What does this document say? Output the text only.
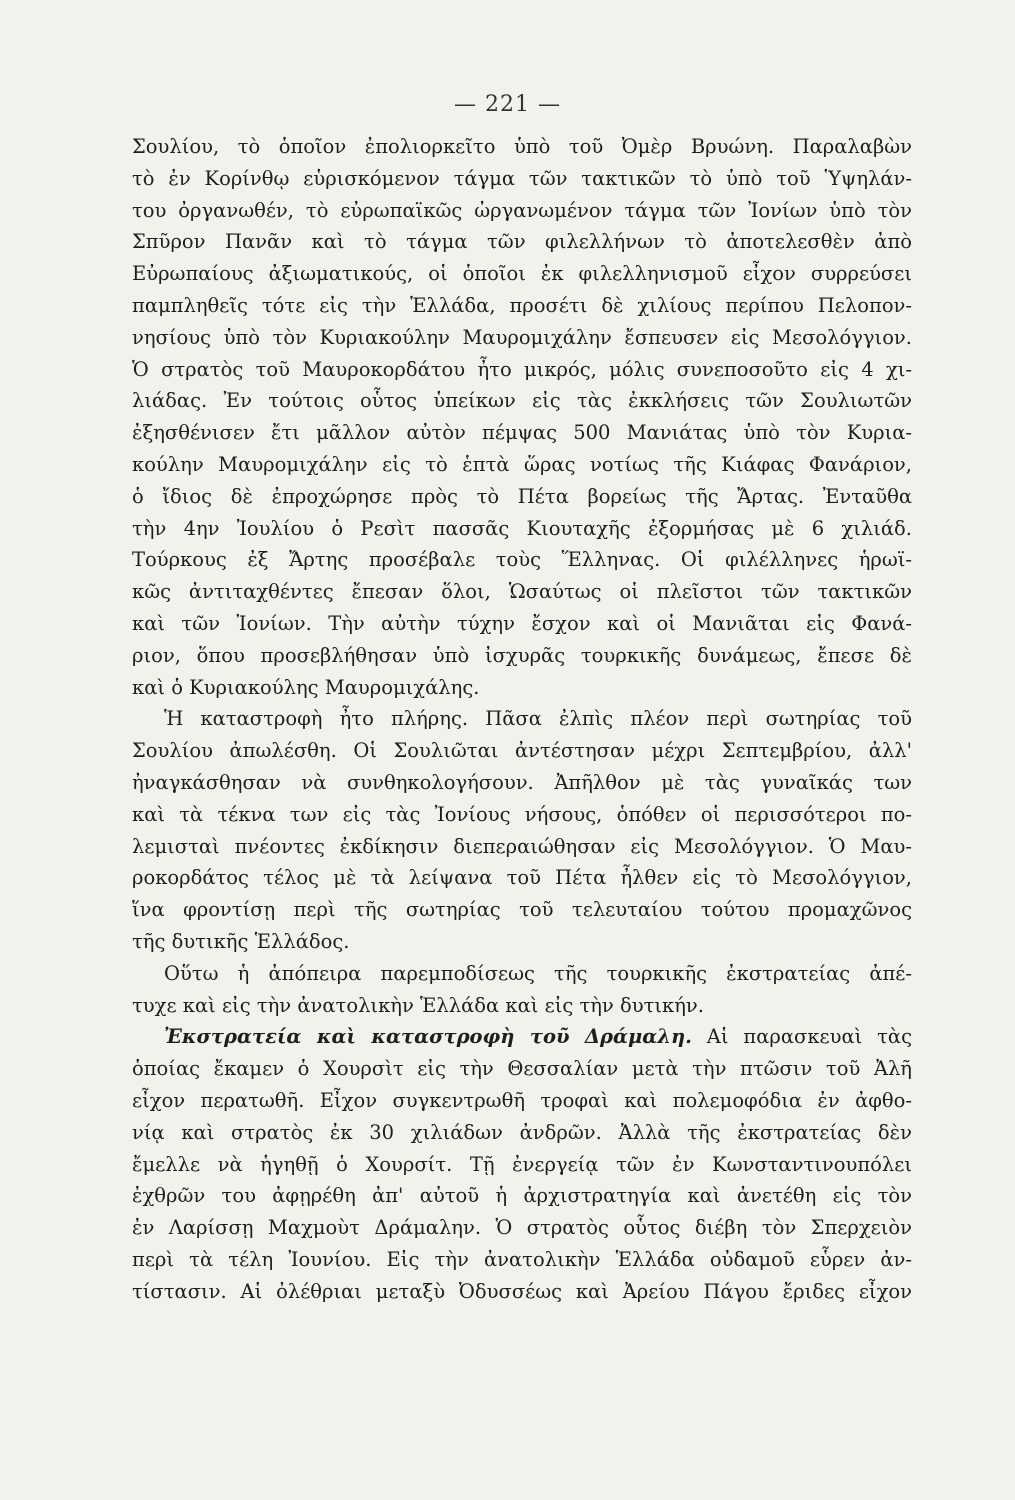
— 221 —
Σουλίου, τὸ ὁποῖον ἐπολιορκεῖτο ὑπὸ τοῦ Ὀμὲρ Βρυώνη. Παραλαβὼν
τὸ ἐν Κορίνθῳ εὑρισκόμενον τάγμα τῶν τακτικῶν τὸ ὑπὸ τοῦ Ὑψηλάν-
του ὀργανωθέν, τὸ εὐρωπαϊκῶς ὠργανωμένον τάγμα τῶν Ἰονίων ὑπὸ τὸν
Σπῦρον Πανᾶν καὶ τὸ τάγμα τῶν φιλελλήνων τὸ ἀποτελεσθὲν ἀπὸ
Εὐρωπαίους ἀξιωματικούς, οἱ ὁποῖοι ἐκ φιλελληνισμοῦ εἶχον συρρεύσει
παμπληθεῖς τότε εἰς τὴν Ἑλλάδα, προσέτι δὲ χιλίους περίπου Πελοπον-
νησίους ὑπὸ τὸν Κυριακούλην Μαυρομιχάλην ἔσπευσεν εἰς Μεσολόγγιον.
Ὁ στρατὸς τοῦ Μαυροκορδάτου ἦτο μικρός, μόλις συνεποσοῦτο εἰς 4 χι-
λιάδας. Ἐν τούτοις οὗτος ὑπείκων εἰς τὰς ἐκκλήσεις τῶν Σουλιωτῶν
ἐξησθένισεν ἔτι μᾶλλον αὐτὸν πέμψας 500 Μανιάτας ὑπὸ τὸν Κυρια-
κούλην Μαυρομιχάλην εἰς τὸ ἑπτὰ ὥρας νοτίως τῆς Κιάφας Φανάριον,
ὁ ἴδιος δὲ ἐπροχώρησε πρὸς τὸ Πέτα βορείως τῆς Ἄρτας. Ἐνταῦθα
τὴν 4ην Ἰουλίου ὁ Ρεσὶτ πασσᾶς Κιουταχῆς ἐξορμήσας μὲ 6 χιλιάδ.
Τούρκους ἐξ Ἄρτης προσέβαλε τοὺς Ἕλληνας. Οἱ φιλέλληνες ἡρωϊ-
κῶς ἀντιταχθέντες ἔπεσαν ὅλοι, Ὡσαύτως οἱ πλεῖστοι τῶν τακτικῶν
καὶ τῶν Ἰονίων. Τὴν αὐτὴν τύχην ἔσχον καὶ οἱ Μανιᾶται εἰς Φανά-
ριον, ὅπου προσεβλήθησαν ὑπὸ ἰσχυρᾶς τουρκικῆς δυνάμεως, ἔπεσε δὲ
καὶ ὁ Κυριακούλης Μαυρομιχάλης.
Ἡ καταστροφὴ ἦτο πλήρης. Πᾶσα ἐλπὶς πλέον περὶ σωτηρίας τοῦ
Σουλίου ἀπωλέσθη. Οἱ Σουλιῶται ἀντέστησαν μέχρι Σεπτεμβρίου, ἀλλ'
ἠναγκάσθησαν νὰ συνθηκολογήσουν. Ἀπῆλθον μὲ τὰς γυναῖκάς των
καὶ τὰ τέκνα των εἰς τὰς Ἰονίους νήσους, ὁπόθεν οἱ περισσότεροι πο-
λεμισταὶ πνέοντες ἐκδίκησιν διεπεραιώθησαν εἰς Μεσολόγγιον. Ὁ Μαυ-
ροκορδάτος τέλος μὲ τὰ λείψανα τοῦ Πέτα ἦλθεν εἰς τὸ Μεσολόγγιον,
ἵνα φροντίσῃ περὶ τῆς σωτηρίας τοῦ τελευταίου τούτου προμαχῶνος
τῆς δυτικῆς Ἑλλάδος.
Οὕτω ἡ ἀπόπειρα παρεμποδίσεως τῆς τουρκικῆς ἐκστρατείας ἀπέ-
τυχε καὶ εἰς τὴν ἀνατολικὴν Ἑλλάδα καὶ εἰς τὴν δυτικήν.
Ἐκστρατεία καὶ καταστροφὴ τοῦ Δράμαλη. Αἱ παρασκευαὶ τὰς
ὁποίας ἔκαμεν ὁ Χουρσὶτ εἰς τὴν Θεσσαλίαν μετὰ τὴν πτῶσιν τοῦ Ἀλῆ
εἶχον περατωθῆ. Εἶχον συγκεντρωθῆ τροφαὶ καὶ πολεμοφόδια ἐν ἀφθο-
νίᾳ καὶ στρατὸς ἐκ 30 χιλιάδων ἀνδρῶν. Ἀλλὰ τῆς ἐκστρατείας δὲν
ἔμελλε νὰ ἡγηθῇ ὁ Χουρσίτ. Τῇ ἐνεργείᾳ τῶν ἐν Κωνσταντινουπόλει
ἐχθρῶν του ἀφῃρέθη ἀπ' αὐτοῦ ἡ ἀρχιστρατηγία καὶ ἀνετέθη εἰς τὸν
ἐν Λαρίσσῃ Μαχμοὺτ Δράμαλην. Ὁ στρατὸς οὗτος διέβη τὸν Σπερχειὸν
περὶ τὰ τέλη Ἰουνίου. Εἰς τὴν ἀνατολικὴν Ἑλλάδα οὐδαμοῦ εὗρεν ἀν-
τίστασιν. Αἱ ὀλέθριαι μεταξὺ Ὀδυσσέως καὶ Ἀρείου Πάγου ἔριδες εἶχον
